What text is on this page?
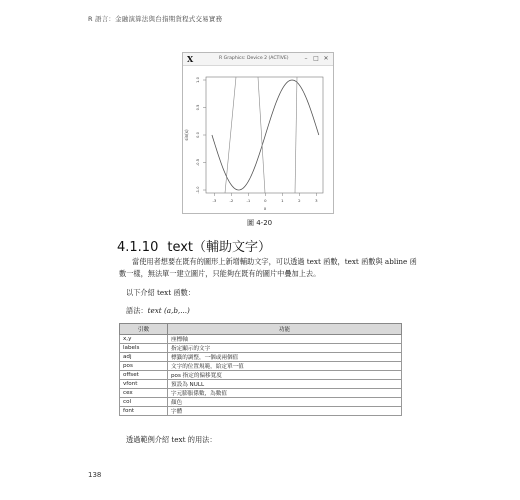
R 語言：金融演算法與台指期貨程式交易實務
X	R Graphics: Device 2 (ACTIVE)	– □ ✕
-3	-2	-1	0	1	2	3
-1.0
-0.5
0.0
0.5
1.0
x
sin(x)
圖 4-20
4.1.10 text（輔助文字）
當使用者想要在既有的圖形上新增輔助文字，可以透過 text 函數，text 函數與 abline 函數一樣，無法單一建立圖片，只能夠在既有的圖片中疊加上去。
以下介紹 text 函數：
語法：text (a,b,...)
引數	功能
x,y	座標軸
labels	指定顯示的文字
adj	標籤的調整，一個或兩個值
pos	文字的位置規範，給定單一值
offset	pos 指定的偏移寬度
vfont	預設為 NULL
cex	字元膨脹係數，為數值
col	顏色
font	字體
透過範例介紹 text 的用法：
138
